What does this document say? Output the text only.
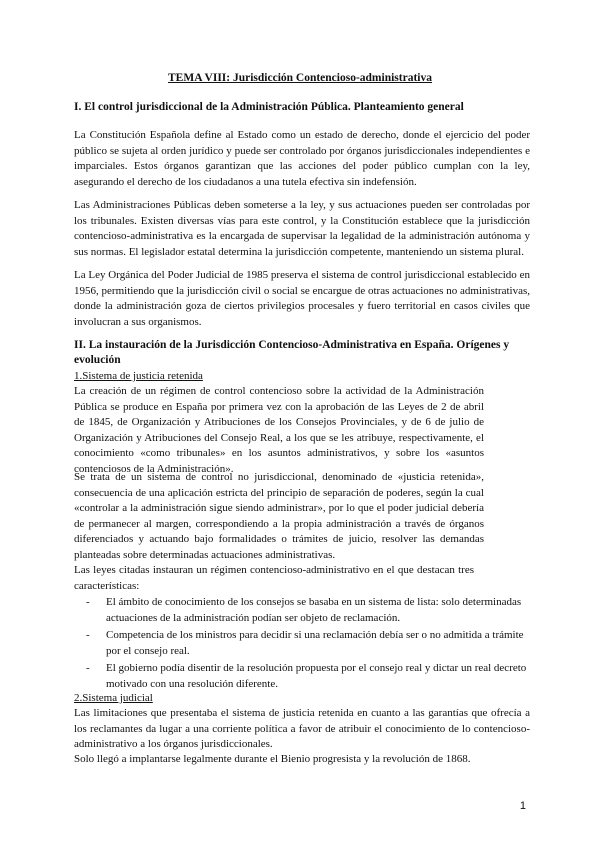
TEMA VIII: Jurisdicción Contencioso-administrativa
I. El control jurisdiccional de la Administración Pública. Planteamiento general
La Constitución Española define al Estado como un estado de derecho, donde el ejercicio del poder público se sujeta al orden jurídico y puede ser controlado por órganos jurisdiccionales independientes e imparciales. Estos órganos garantizan que las acciones del poder público cumplan con la ley, asegurando el derecho de los ciudadanos a una tutela efectiva sin indefensión.
Las Administraciones Públicas deben someterse a la ley, y sus actuaciones pueden ser controladas por los tribunales. Existen diversas vías para este control, y la Constitución establece que la jurisdicción contencioso-administrativa es la encargada de supervisar la legalidad de la administración autónoma y sus normas. El legislador estatal determina la jurisdicción competente, manteniendo un sistema plural.
La Ley Orgánica del Poder Judicial de 1985 preserva el sistema de control jurisdiccional establecido en 1956, permitiendo que la jurisdicción civil o social se encargue de otras actuaciones no administrativas, donde la administración goza de ciertos privilegios procesales y fuero territorial en casos civiles que involucran a sus organismos.
II. La instauración de la Jurisdicción Contencioso-Administrativa en España. Orígenes y evolución
1.Sistema de justicia retenida
La creación de un régimen de control contencioso sobre la actividad de la Administración Pública se produce en España por primera vez con la aprobación de las Leyes de 2 de abril de 1845, de Organización y Atribuciones de los Consejos Provinciales, y de 6 de julio de Organización y Atribuciones del Consejo Real, a los que se les atribuye, respectivamente, el conocimiento «como tribunales» en los asuntos administrativos, y sobre los «asuntos contenciosos de la Administración».
Se trata de un sistema de control no jurisdiccional, denominado de «justicia retenida», consecuencia de una aplicación estricta del principio de separación de poderes, según la cual «controlar a la administración sigue siendo administrar», por lo que el poder judicial debería de permanecer al margen, correspondiendo a la propia administración a través de órganos diferenciados y actuando bajo formalidades o trámites de juicio, resolver las demandas planteadas sobre determinadas actuaciones administrativas.
Las leyes citadas instauran un régimen contencioso-administrativo en el que destacan tres características:
- El ámbito de conocimiento de los consejos se basaba en un sistema de lista: solo determinadas actuaciones de la administración podían ser objeto de reclamación.
- Competencia de los ministros para decidir si una reclamación debía ser o no admitida a trámite por el consejo real.
- El gobierno podía disentir de la resolución propuesta por el consejo real y dictar un real decreto motivado con una resolución diferente.
2.Sistema judicial
Las limitaciones que presentaba el sistema de justicia retenida en cuanto a las garantías que ofrecía a los reclamantes da lugar a una corriente política a favor de atribuir el conocimiento de lo contencioso-administrativo a los órganos jurisdiccionales.
Solo llegó a implantarse legalmente durante el Bienio progresista y la revolución de 1868.
1
